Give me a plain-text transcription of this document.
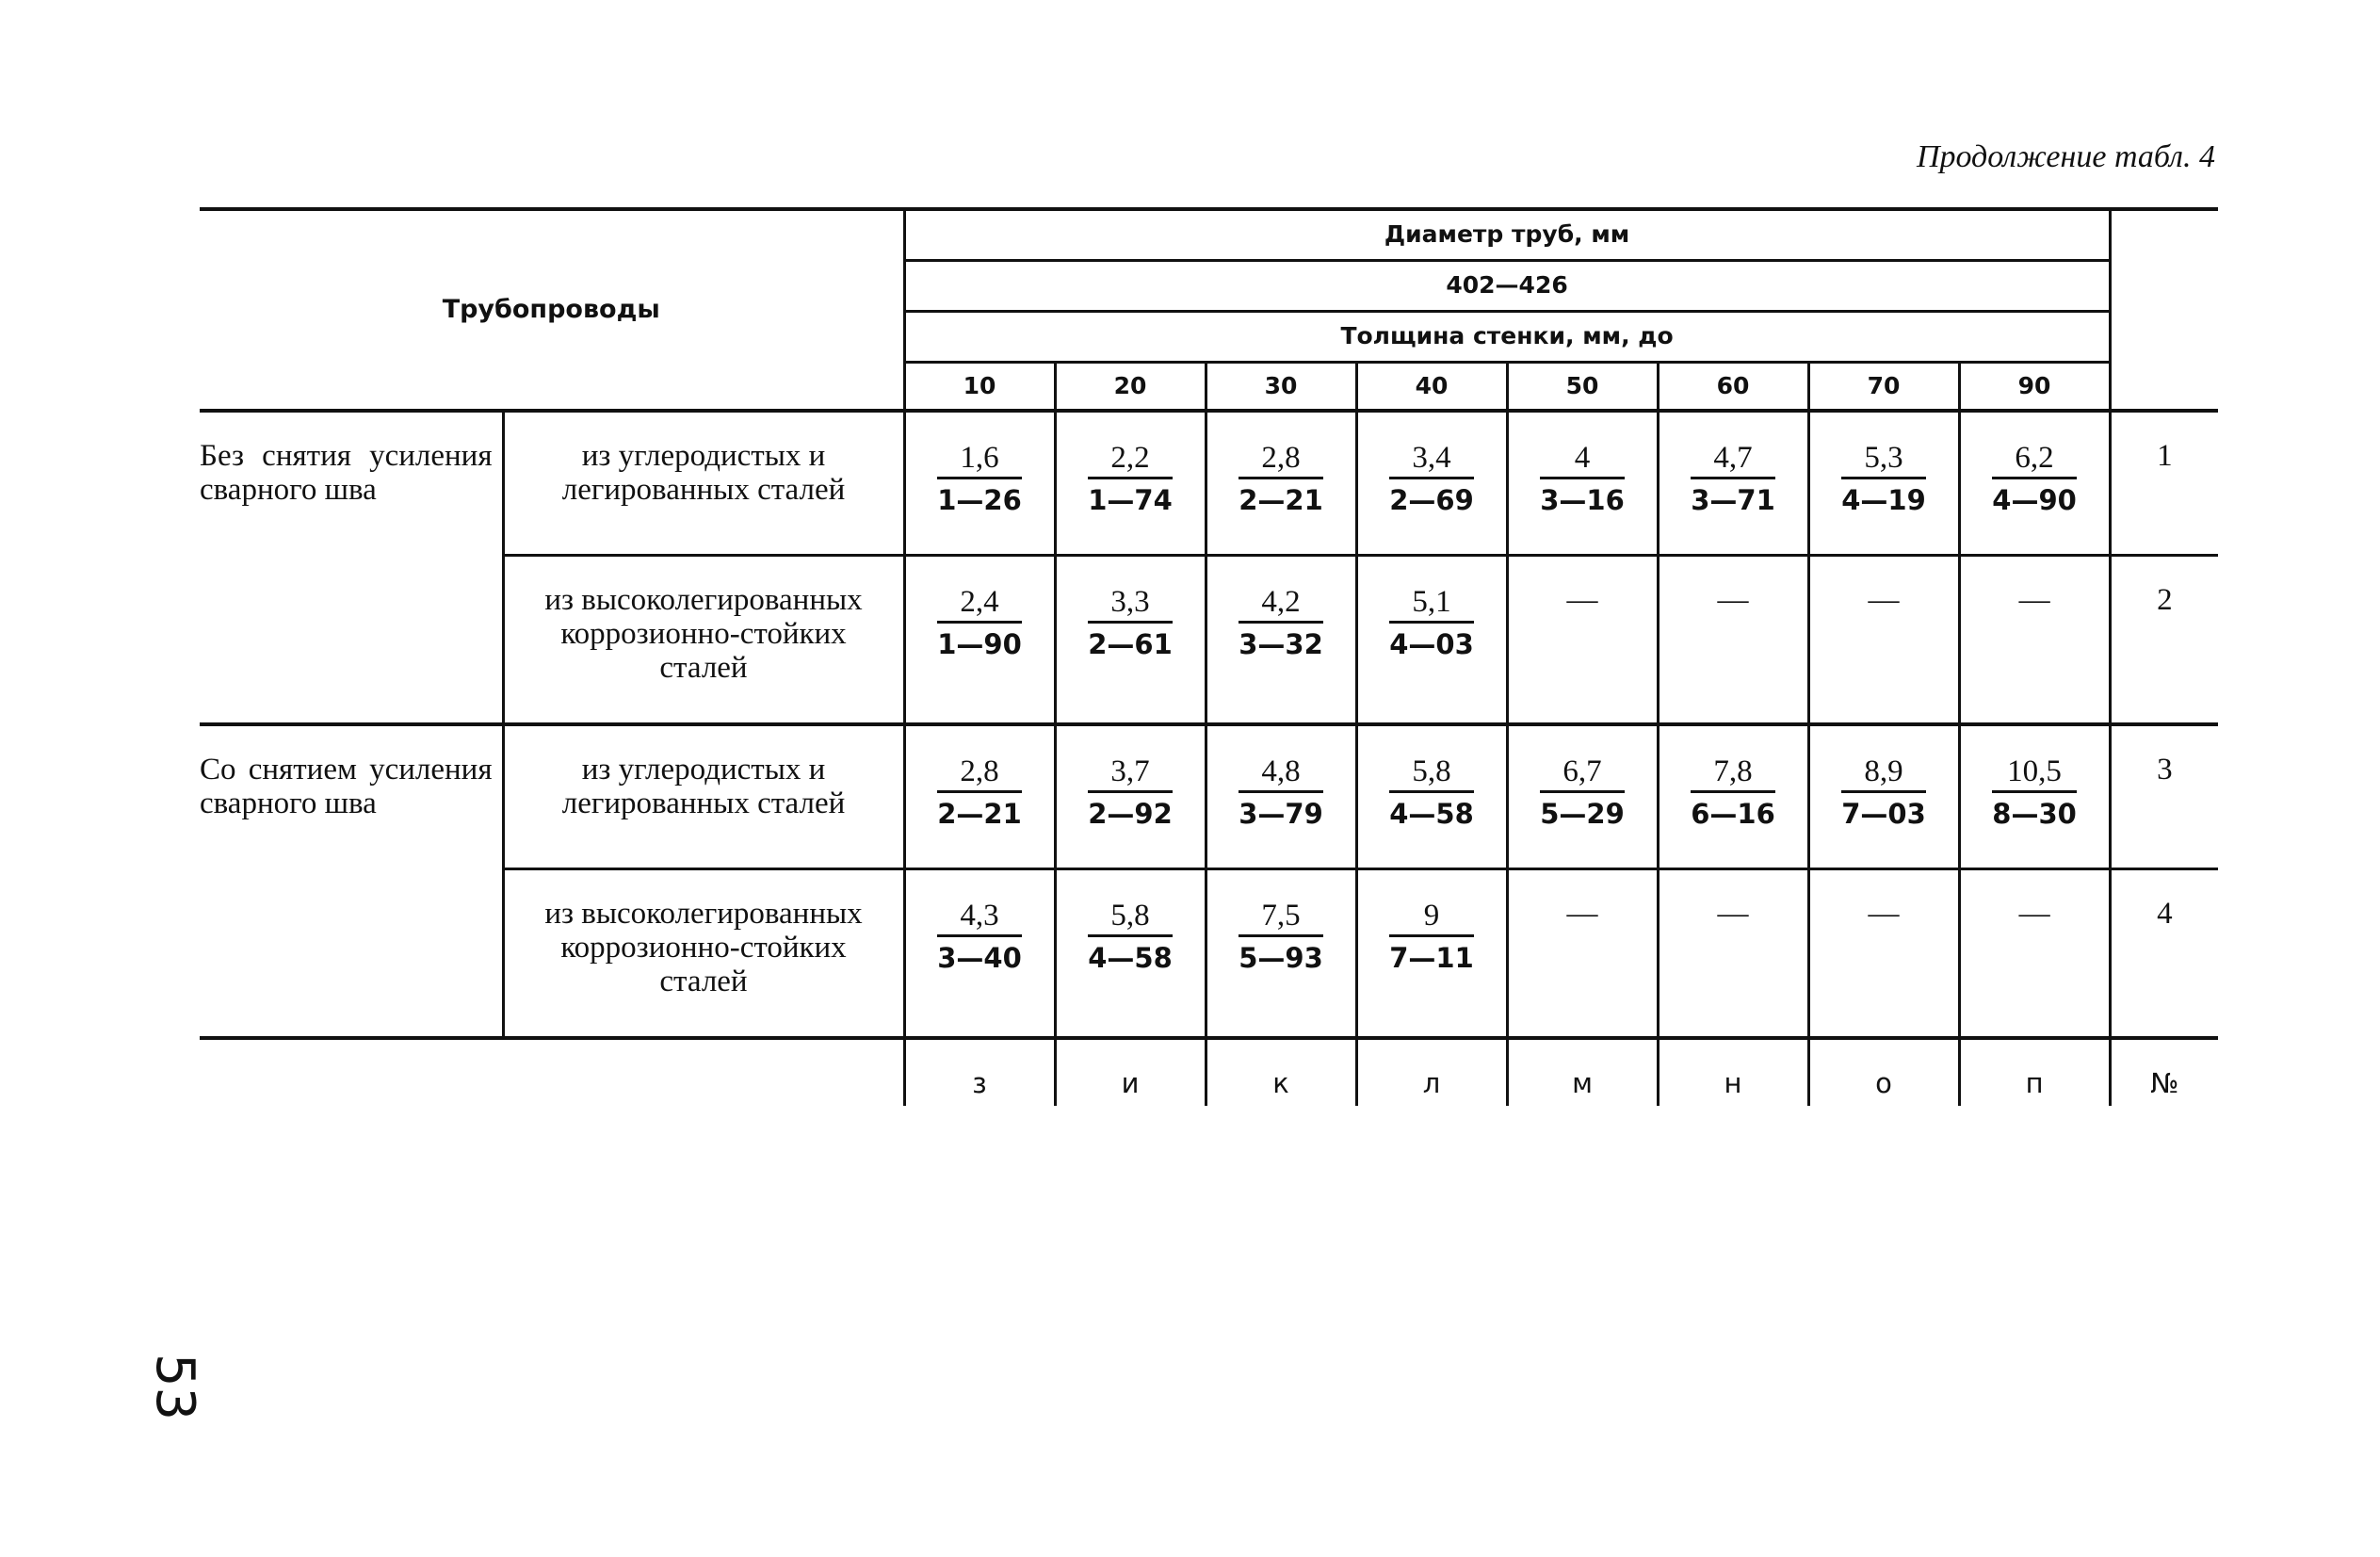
Продолжение табл. 4
Трубопроводы		Диаметр труб, мм								
		402—426								
		Толщина стенки, мм, до								
		10	20	30	40	50	60	70	90	
Без снятия усиления сварного шва	из углеродистых и легированных сталей	$\frac{1,6}{1—26}$	$\frac{2,2}{1—74}$	$\frac{2,8}{2—21}$	$\frac{3,4}{2—69}$	$\frac{4}{3—16}$	$\frac{4,7}{3—71}$	$\frac{5,3}{4—19}$	$\frac{6,2}{4—90}$	1
	из высоколегированных коррозионно-стойких сталей	$\frac{2,4}{1—90}$	$\frac{3,3}{2—61}$	$\frac{4,2}{3—32}$	$\frac{5,1}{4—03}$	—	—	—	—	2
Со снятием усиления сварного шва	из углеродистых и легированных сталей	$\frac{2,8}{2—21}$	$\frac{3,7}{2—92}$	$\frac{4,8}{3—79}$	$\frac{5,8}{4—58}$	$\frac{6,7}{5—29}$	$\frac{7,8}{6—16}$	$\frac{8,9}{7—03}$	$\frac{10,5}{8—30}$	3
	из высоколегированных коррозионно-стойких сталей	$\frac{4,3}{3—40}$	$\frac{5,8}{4—58}$	$\frac{7,5}{5—93}$	$\frac{9}{7—11}$	—	—	—	—	4
		з	и	к	л	м	н	о	п	№
53
